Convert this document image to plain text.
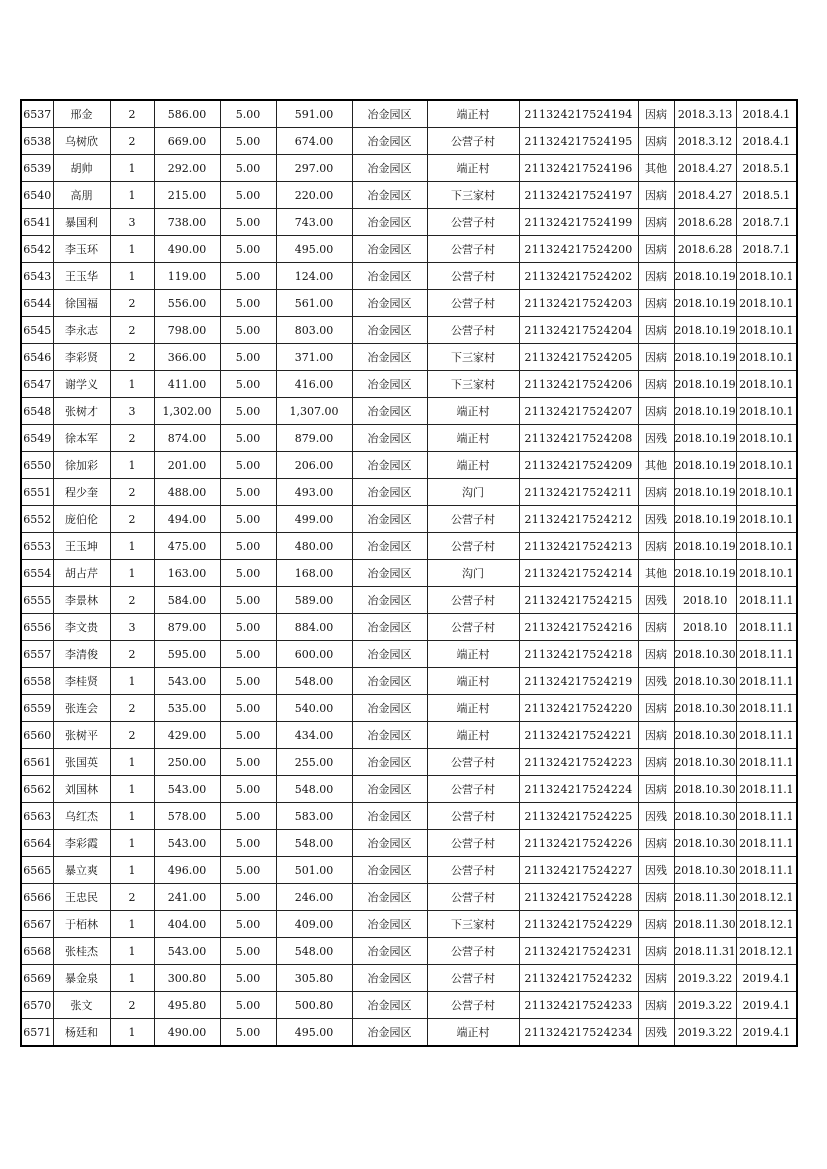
6537	邢金	2	586.00	5.00	591.00	冶金园区	端正村	211324217524194	因病	2018.3.13	2018.4.1
6538	乌树欣	2	669.00	5.00	674.00	冶金园区	公营子村	211324217524195	因病	2018.3.12	2018.4.1
6539	胡帅	1	292.00	5.00	297.00	冶金园区	端正村	211324217524196	其他	2018.4.27	2018.5.1
6540	高朋	1	215.00	5.00	220.00	冶金园区	下三家村	211324217524197	因病	2018.4.27	2018.5.1
6541	暴国利	3	738.00	5.00	743.00	冶金园区	公营子村	211324217524199	因病	2018.6.28	2018.7.1
6542	李玉环	1	490.00	5.00	495.00	冶金园区	公营子村	211324217524200	因病	2018.6.28	2018.7.1
6543	王玉华	1	119.00	5.00	124.00	冶金园区	公营子村	211324217524202	因病	2018.10.19	2018.10.1
6544	徐国福	2	556.00	5.00	561.00	冶金园区	公营子村	211324217524203	因病	2018.10.19	2018.10.1
6545	李永志	2	798.00	5.00	803.00	冶金园区	公营子村	211324217524204	因病	2018.10.19	2018.10.1
6546	李彩贤	2	366.00	5.00	371.00	冶金园区	下三家村	211324217524205	因病	2018.10.19	2018.10.1
6547	谢学义	1	411.00	5.00	416.00	冶金园区	下三家村	211324217524206	因病	2018.10.19	2018.10.1
6548	张树才	3	1,302.00	5.00	1,307.00	冶金园区	端正村	211324217524207	因病	2018.10.19	2018.10.1
6549	徐本军	2	874.00	5.00	879.00	冶金园区	端正村	211324217524208	因残	2018.10.19	2018.10.1
6550	徐加彩	1	201.00	5.00	206.00	冶金园区	端正村	211324217524209	其他	2018.10.19	2018.10.1
6551	程少奎	2	488.00	5.00	493.00	冶金园区	沟门	211324217524211	因病	2018.10.19	2018.10.1
6552	庞伯伦	2	494.00	5.00	499.00	冶金园区	公营子村	211324217524212	因残	2018.10.19	2018.10.1
6553	王玉坤	1	475.00	5.00	480.00	冶金园区	公营子村	211324217524213	因病	2018.10.19	2018.10.1
6554	胡占芹	1	163.00	5.00	168.00	冶金园区	沟门	211324217524214	其他	2018.10.19	2018.10.1
6555	李景林	2	584.00	5.00	589.00	冶金园区	公营子村	211324217524215	因残	2018.10	2018.11.1
6556	李文贵	3	879.00	5.00	884.00	冶金园区	公营子村	211324217524216	因病	2018.10	2018.11.1
6557	李清俊	2	595.00	5.00	600.00	冶金园区	端正村	211324217524218	因病	2018.10.30	2018.11.1
6558	李桂贤	1	543.00	5.00	548.00	冶金园区	端正村	211324217524219	因残	2018.10.30	2018.11.1
6559	张连会	2	535.00	5.00	540.00	冶金园区	端正村	211324217524220	因病	2018.10.30	2018.11.1
6560	张树平	2	429.00	5.00	434.00	冶金园区	端正村	211324217524221	因病	2018.10.30	2018.11.1
6561	张国英	1	250.00	5.00	255.00	冶金园区	公营子村	211324217524223	因病	2018.10.30	2018.11.1
6562	刘国林	1	543.00	5.00	548.00	冶金园区	公营子村	211324217524224	因病	2018.10.30	2018.11.1
6563	乌红杰	1	578.00	5.00	583.00	冶金园区	公营子村	211324217524225	因残	2018.10.30	2018.11.1
6564	李彩霞	1	543.00	5.00	548.00	冶金园区	公营子村	211324217524226	因病	2018.10.30	2018.11.1
6565	暴立爽	1	496.00	5.00	501.00	冶金园区	公营子村	211324217524227	因残	2018.10.30	2018.11.1
6566	王忠民	2	241.00	5.00	246.00	冶金园区	公营子村	211324217524228	因病	2018.11.30	2018.12.1
6567	于栢林	1	404.00	5.00	409.00	冶金园区	下三家村	211324217524229	因病	2018.11.30	2018.12.1
6568	张桂杰	1	543.00	5.00	548.00	冶金园区	公营子村	211324217524231	因病	2018.11.31	2018.12.1
6569	暴金泉	1	300.80	5.00	305.80	冶金园区	公营子村	211324217524232	因病	2019.3.22	2019.4.1
6570	张文	2	495.80	5.00	500.80	冶金园区	公营子村	211324217524233	因病	2019.3.22	2019.4.1
6571	杨廷和	1	490.00	5.00	495.00	冶金园区	端正村	211324217524234	因残	2019.3.22	2019.4.1
